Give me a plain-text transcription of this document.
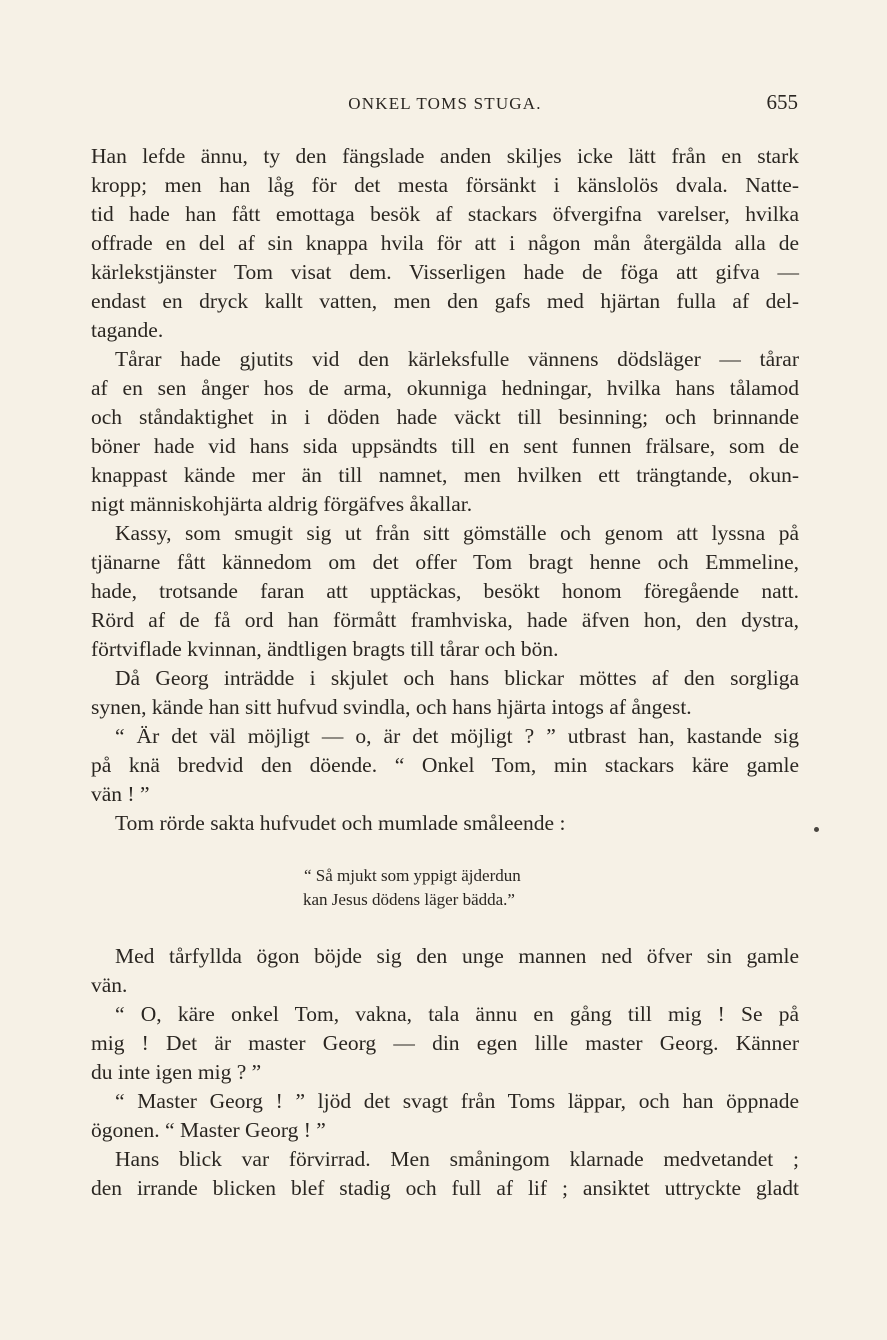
ONKEL TOMS STUGA.	655
Han lefde ännu, ty den fängslade anden skiljes icke lätt från en stark
kropp; men han låg för det mesta försänkt i känslolös dvala. Natte-
tid hade han fått emottaga besök af stackars öfvergifna varelser, hvilka
offrade en del af sin knappa hvila för att i någon mån återgälda alla de
kärlekstjänster Tom visat dem. Visserligen hade de föga att gifva —
endast en dryck kallt vatten, men den gafs med hjärtan fulla af del-
tagande.
Tårar hade gjutits vid den kärleksfulle vännens dödsläger — tårar
af en sen ånger hos de arma, okunniga hedningar, hvilka hans tålamod
och ståndaktighet in i döden hade väckt till besinning; och brinnande
böner hade vid hans sida uppsändts till en sent funnen frälsare, som de
knappast kände mer än till namnet, men hvilken ett trängtande, okun-
nigt människohjärta aldrig förgäfves åkallar.
Kassy, som smugit sig ut från sitt gömställe och genom att lyssna på
tjänarne fått kännedom om det offer Tom bragt henne och Emmeline,
hade, trotsande faran att upptäckas, besökt honom föregående natt.
Rörd af de få ord han förmått framhviska, hade äfven hon, den dystra,
förtviflade kvinnan, ändtligen bragts till tårar och bön.
Då Georg inträdde i skjulet och hans blickar möttes af den sorgliga
synen, kände han sitt hufvud svindla, och hans hjärta intogs af ångest.
“ Är det väl möjligt — o, är det möjligt ? ” utbrast han, kastande sig
på knä bredvid den döende. “ Onkel Tom, min stackars käre gamle
vän ! ”
Tom rörde sakta hufvudet och mumlade småleende :
“ Så mjukt som yppigt äjderdun
kan Jesus dödens läger bädda.”
Med tårfyllda ögon böjde sig den unge mannen ned öfver sin gamle
vän.
“ O, käre onkel Tom, vakna, tala ännu en gång till mig ! Se på
mig ! Det är master Georg — din egen lille master Georg. Känner
du inte igen mig ? ”
“ Master Georg ! ” ljöd det svagt från Toms läppar, och han öppnade
ögonen. “ Master Georg ! ”
Hans blick var förvirrad. Men småningom klarnade medvetandet ;
den irrande blicken blef stadig och full af lif ; ansiktet uttryckte gladt
